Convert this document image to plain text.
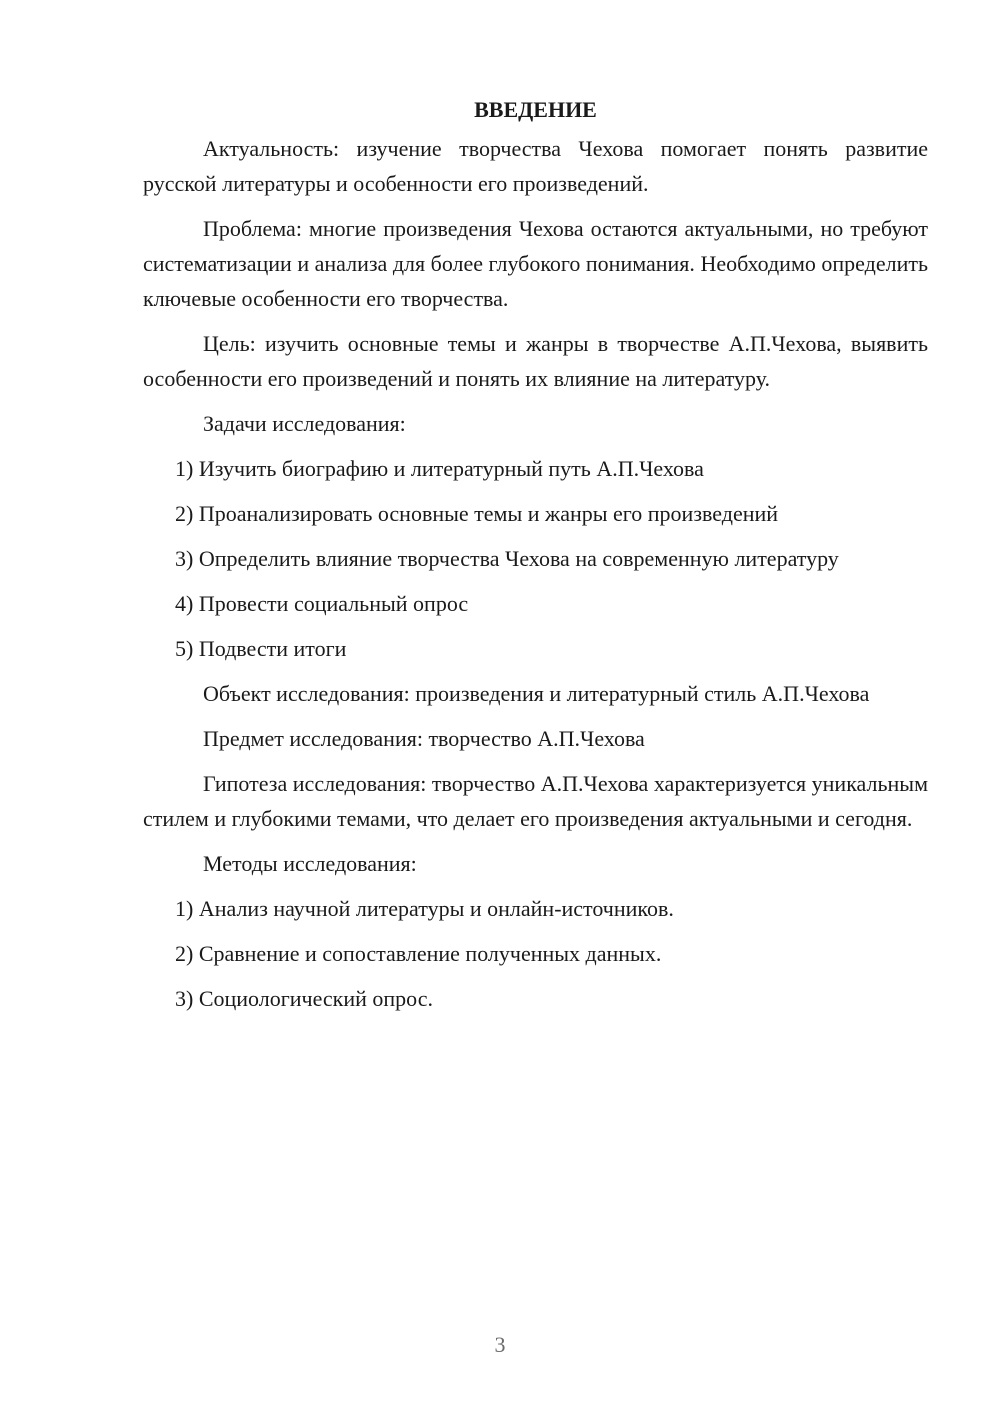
ВВЕДЕНИЕ

Актуальность: изучение творчества Чехова помогает понять развитие русской литературы и особенности его произведений.

Проблема: многие произведения Чехова остаются актуальными, но требуют систематизации и анализа для более глубокого понимания. Необходимо определить ключевые особенности его творчества.

Цель: изучить основные темы и жанры в творчестве А.П.Чехова, выявить особенности его произведений и понять их влияние на литературу.

Задачи исследования:

1) Изучить биографию и литературный путь А.П.Чехова
2) Проанализировать основные темы и жанры его произведений
3) Определить влияние творчества Чехова на современную литературу
4) Провести социальный опрос
5) Подвести итоги

Объект исследования: произведения и литературный стиль А.П.Чехова

Предмет исследования: творчество А.П.Чехова

Гипотеза исследования: творчество А.П.Чехова характеризуется уникальным стилем и глубокими темами, что делает его произведения актуальными и сегодня.

Методы исследования:

1) Анализ научной литературы и онлайн-источников.
2) Сравнение и сопоставление полученных данных.
3) Социологический опрос.
3
